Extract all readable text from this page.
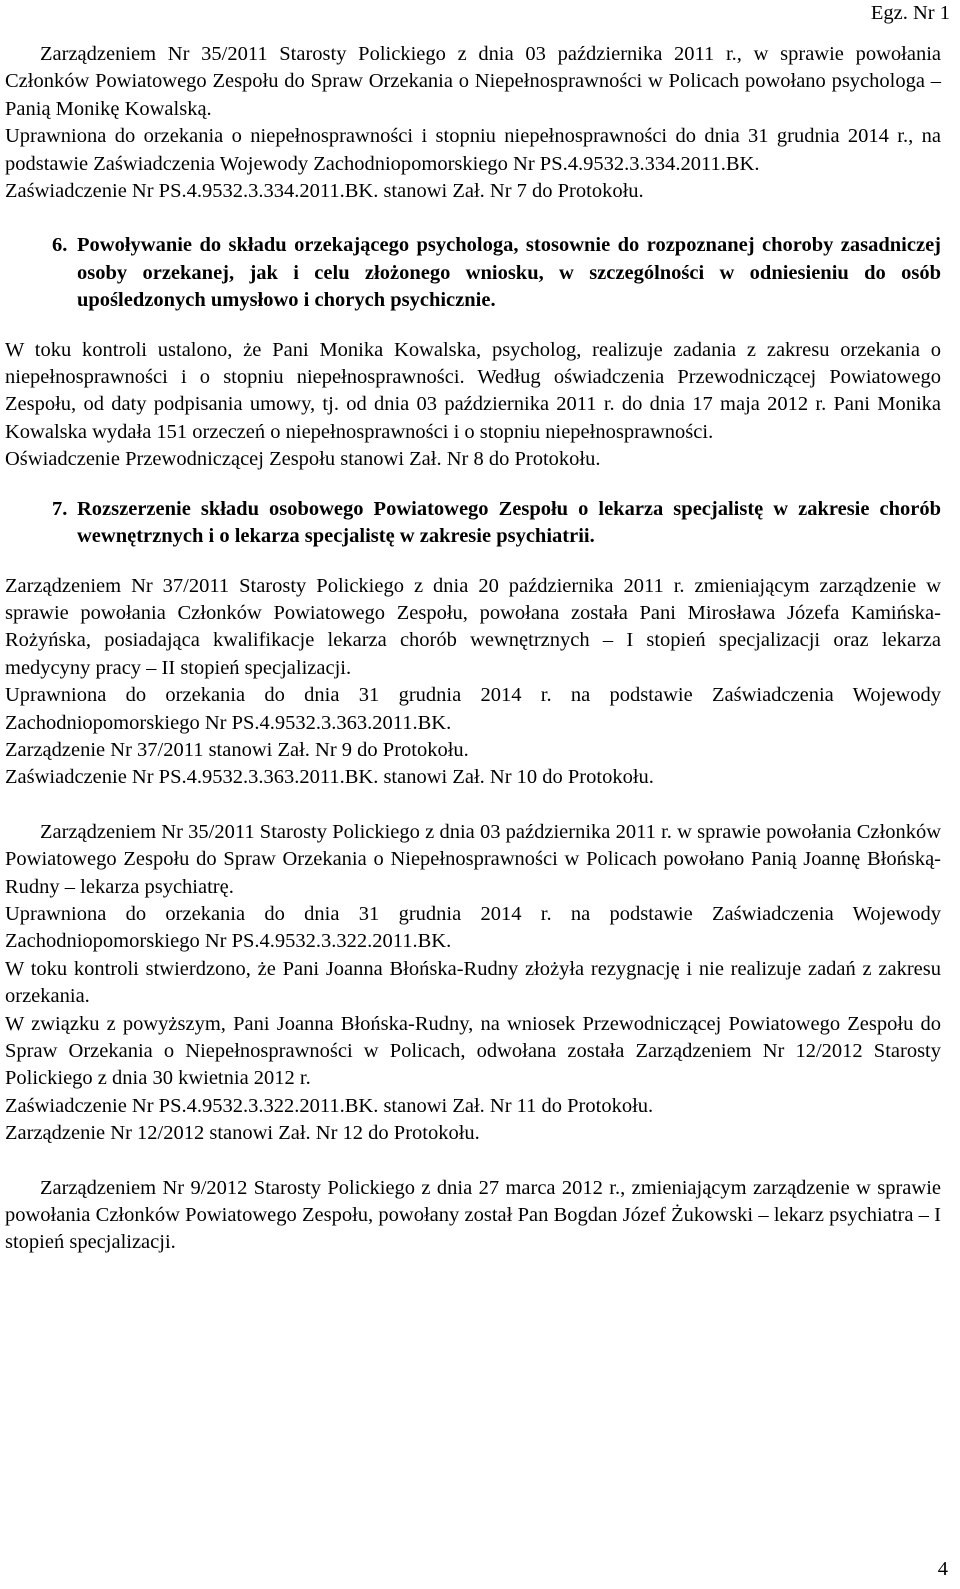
Egz. Nr 1

Zarządzeniem Nr 35/2011 Starosty Polickiego z dnia 03 października 2011 r., w sprawie powołania Członków Powiatowego Zespołu do Spraw Orzekania o Niepełnosprawności w Policach powołano psychologa – Panią Monikę Kowalską.

Uprawniona do orzekania o niepełnosprawności i stopniu niepełnosprawności do dnia 31 grudnia 2014 r., na podstawie Zaświadczenia Wojewody Zachodniopomorskiego Nr PS.4.9532.3.334.2011.BK.

Zaświadczenie Nr PS.4.9532.3.334.2011.BK. stanowi Zał. Nr 7 do Protokołu.

6. Powoływanie do składu orzekającego psychologa, stosownie do rozpoznanej choroby zasadniczej osoby orzekanej, jak i celu złożonego wniosku, w szczególności w odniesieniu do osób upośledzonych umysłowo i chorych psychicznie.

W toku kontroli ustalono, że Pani Monika Kowalska, psycholog, realizuje zadania z zakresu orzekania o niepełnosprawności i o stopniu niepełnosprawności. Według oświadczenia Przewodniczącej Powiatowego Zespołu, od daty podpisania umowy, tj. od dnia 03 października 2011 r. do dnia 17 maja 2012 r. Pani Monika Kowalska wydała 151 orzeczeń o niepełnosprawności i o stopniu niepełnosprawności.

Oświadczenie Przewodniczącej Zespołu stanowi Zał. Nr 8 do Protokołu.

7. Rozszerzenie składu osobowego Powiatowego Zespołu o lekarza specjalistę w zakresie chorób wewnętrznych i o lekarza specjalistę w zakresie psychiatrii.

Zarządzeniem Nr 37/2011 Starosty Polickiego z dnia 20 października 2011 r. zmieniającym zarządzenie w sprawie powołania Członków Powiatowego Zespołu, powołana została Pani Mirosława Józefa Kamińska-Rożyńska, posiadająca kwalifikacje lekarza chorób wewnętrznych – I stopień specjalizacji oraz lekarza medycyny pracy – II stopień specjalizacji.

Uprawniona do orzekania do dnia 31 grudnia 2014 r. na podstawie Zaświadczenia Wojewody Zachodniopomorskiego Nr PS.4.9532.3.363.2011.BK.

Zarządzenie Nr 37/2011 stanowi Zał. Nr 9 do Protokołu.

Zaświadczenie Nr PS.4.9532.3.363.2011.BK. stanowi Zał. Nr 10 do Protokołu.

Zarządzeniem Nr 35/2011 Starosty Polickiego z dnia 03 października 2011 r. w sprawie powołania Członków Powiatowego Zespołu do Spraw Orzekania o Niepełnosprawności w Policach powołano Panią Joannę Błońską-Rudny – lekarza psychiatrę.

Uprawniona do orzekania do dnia 31 grudnia 2014 r. na podstawie Zaświadczenia Wojewody Zachodniopomorskiego Nr PS.4.9532.3.322.2011.BK.

W toku kontroli stwierdzono, że Pani Joanna Błońska-Rudny złożyła rezygnację i nie realizuje zadań z zakresu orzekania.

W związku z powyższym, Pani Joanna Błońska-Rudny, na wniosek Przewodniczącej Powiatowego Zespołu do Spraw Orzekania o Niepełnosprawności w Policach, odwołana została Zarządzeniem Nr 12/2012 Starosty Polickiego z dnia 30 kwietnia 2012 r.

Zaświadczenie Nr PS.4.9532.3.322.2011.BK. stanowi Zał. Nr 11 do Protokołu.

Zarządzenie Nr 12/2012 stanowi Zał. Nr 12 do Protokołu.

Zarządzeniem Nr 9/2012 Starosty Polickiego z dnia 27 marca 2012 r., zmieniającym zarządzenie w sprawie powołania Członków Powiatowego Zespołu, powołany został Pan Bogdan Józef Żukowski – lekarz psychiatra – I stopień specjalizacji.

4
